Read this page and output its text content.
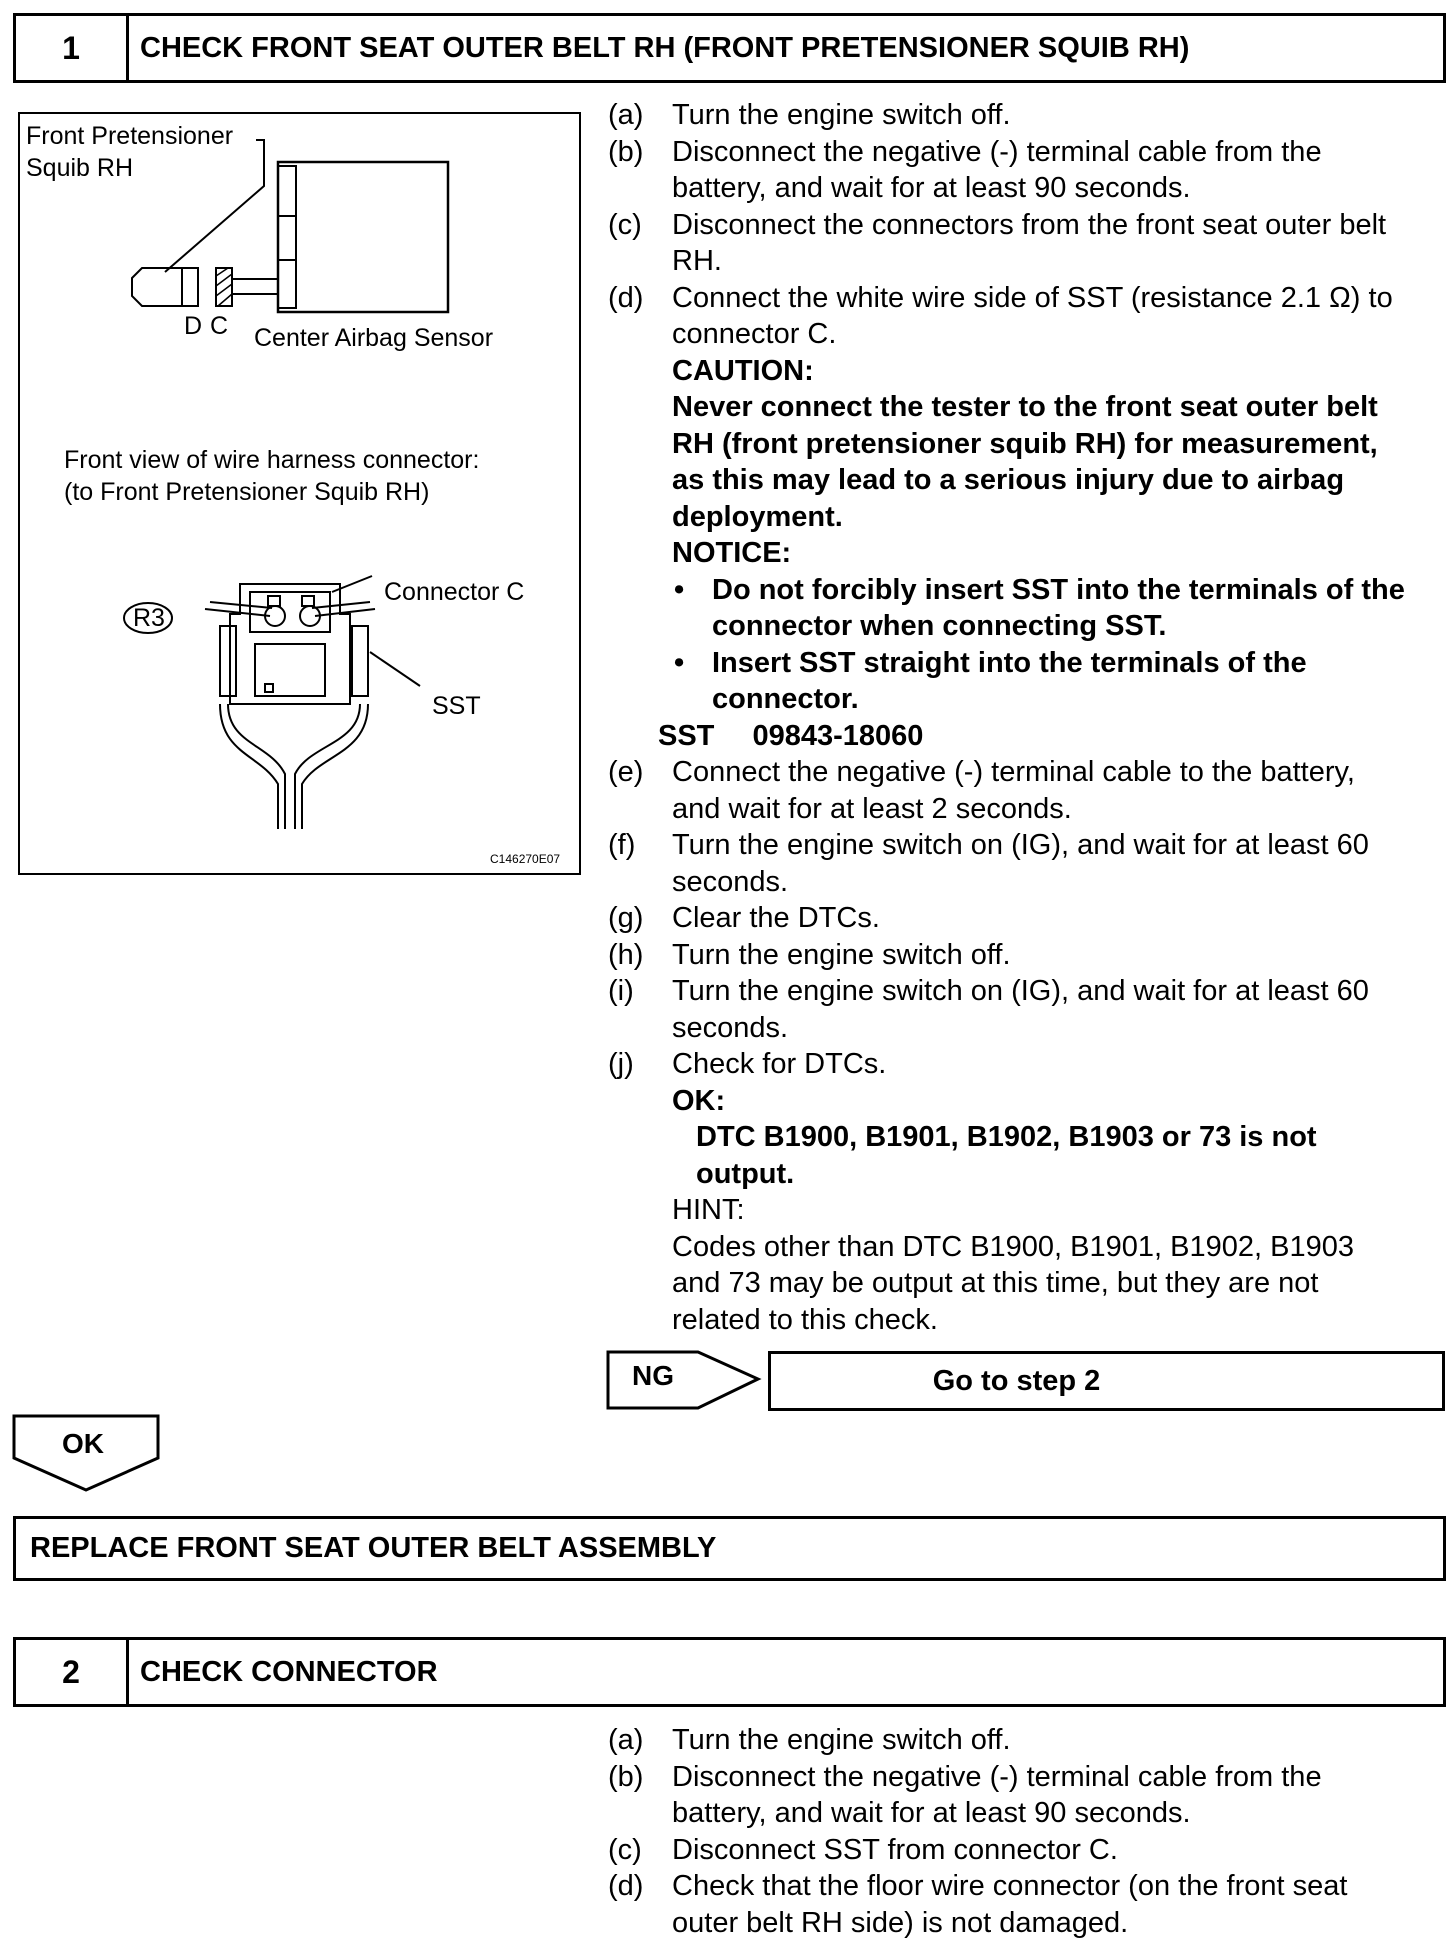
1	CHECK FRONT SEAT OUTER BELT RH (FRONT PRETENSIONER SQUIB RH)
Front Pretensioner
Squib RH
D C Center Airbag Sensor
Front view of wire harness connector:
(to Front Pretensioner Squib RH)
Connector C
R3
SST
C146270E07
(a) Turn the engine switch off.
(b) Disconnect the negative (-) terminal cable from the
battery, and wait for at least 90 seconds.
(c) Disconnect the connectors from the front seat outer belt
RH.
(d) Connect the white wire side of SST (resistance 2.1 Ω) to
connector C.
CAUTION:
Never connect the tester to the front seat outer belt
RH (front pretensioner squib RH) for measurement,
as this may lead to a serious injury due to airbag
deployment.
NOTICE:
• Do not forcibly insert SST into the terminals of the
connector when connecting SST.
• Insert SST straight into the terminals of the
connector.
SST 09843-18060
(e) Connect the negative (-) terminal cable to the battery,
and wait for at least 2 seconds.
(f) Turn the engine switch on (IG), and wait for at least 60
seconds.
(g) Clear the DTCs.
(h) Turn the engine switch off.
(i) Turn the engine switch on (IG), and wait for at least 60
seconds.
(j) Check for DTCs.
OK:
DTC B1900, B1901, B1902, B1903 or 73 is not
output.
HINT:
Codes other than DTC B1900, B1901, B1902, B1903
and 73 may be output at this time, but they are not
related to this check.
NG	Go to step 2
OK
REPLACE FRONT SEAT OUTER BELT ASSEMBLY
2	CHECK CONNECTOR
(a) Turn the engine switch off.
(b) Disconnect the negative (-) terminal cable from the
battery, and wait for at least 90 seconds.
(c) Disconnect SST from connector C.
(d) Check that the floor wire connector (on the front seat
outer belt RH side) is not damaged.
